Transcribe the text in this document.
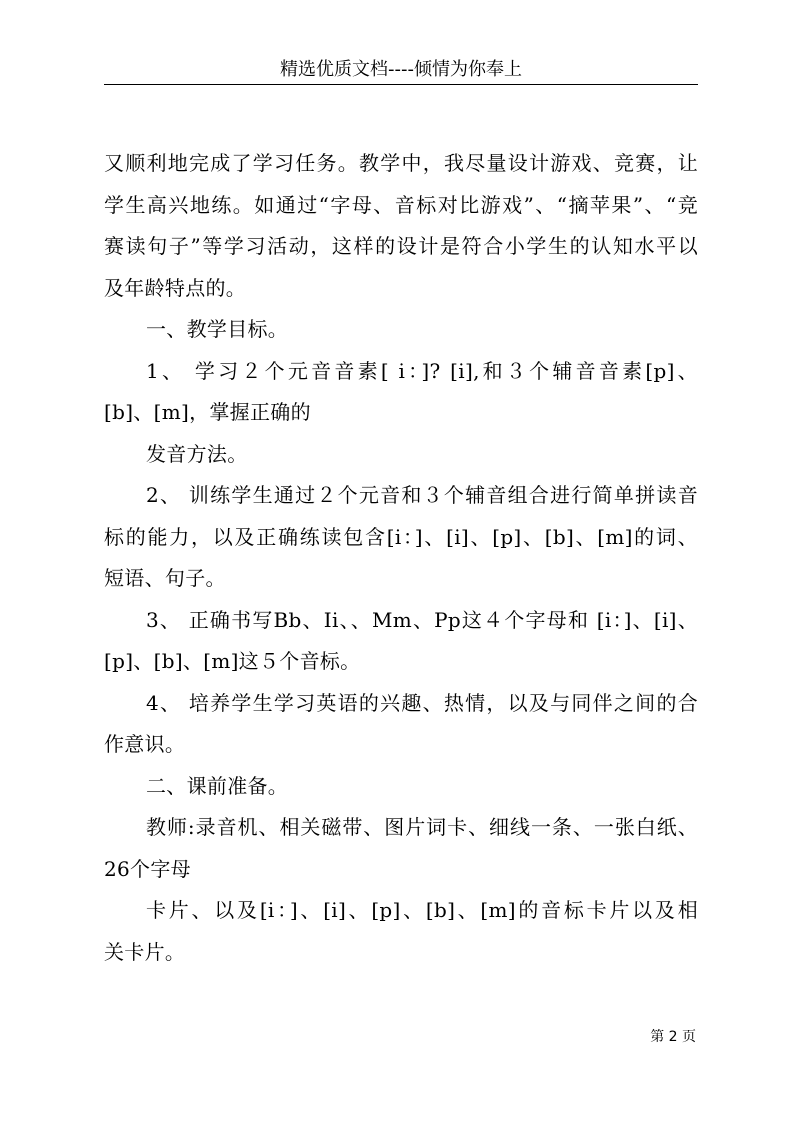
精选优质文档----倾情为你奉上
又顺利地完成了学习任务。教学中，我尽量设计游戏、竞赛，让
学生高兴地练。如通过“字母、音标对比游戏”、“摘苹果”、“竞
赛读句子”等学习活动，这样的设计是符合小学生的认知水平以
及年龄特点的。
一、教学目标。
1、 学习２个元音音素[ i：]? [i],和３个辅音音素[p]、
[b]、[m]，掌握正确的
发音方法。
2、 训练学生通过２个元音和３个辅音组合进行简单拼读音
标的能力，以及正确练读包含[i：]、[i]、[p]、[b]、[m]的词、
短语、句子。
3、 正确书写Bb、Ii、、Mm、Pp这４个字母和 [i：]、[i]、
[p]、[b]、[m]这５个音标。
4、 培养学生学习英语的兴趣、热情，以及与同伴之间的合
作意识。
二、课前准备。
教师:录音机、相关磁带、图片词卡、细线一条、一张白纸、
26个字母
卡片、以及[i：]、[i]、[p]、[b]、[m]的音标卡片以及相
关卡片。
第 2 页
